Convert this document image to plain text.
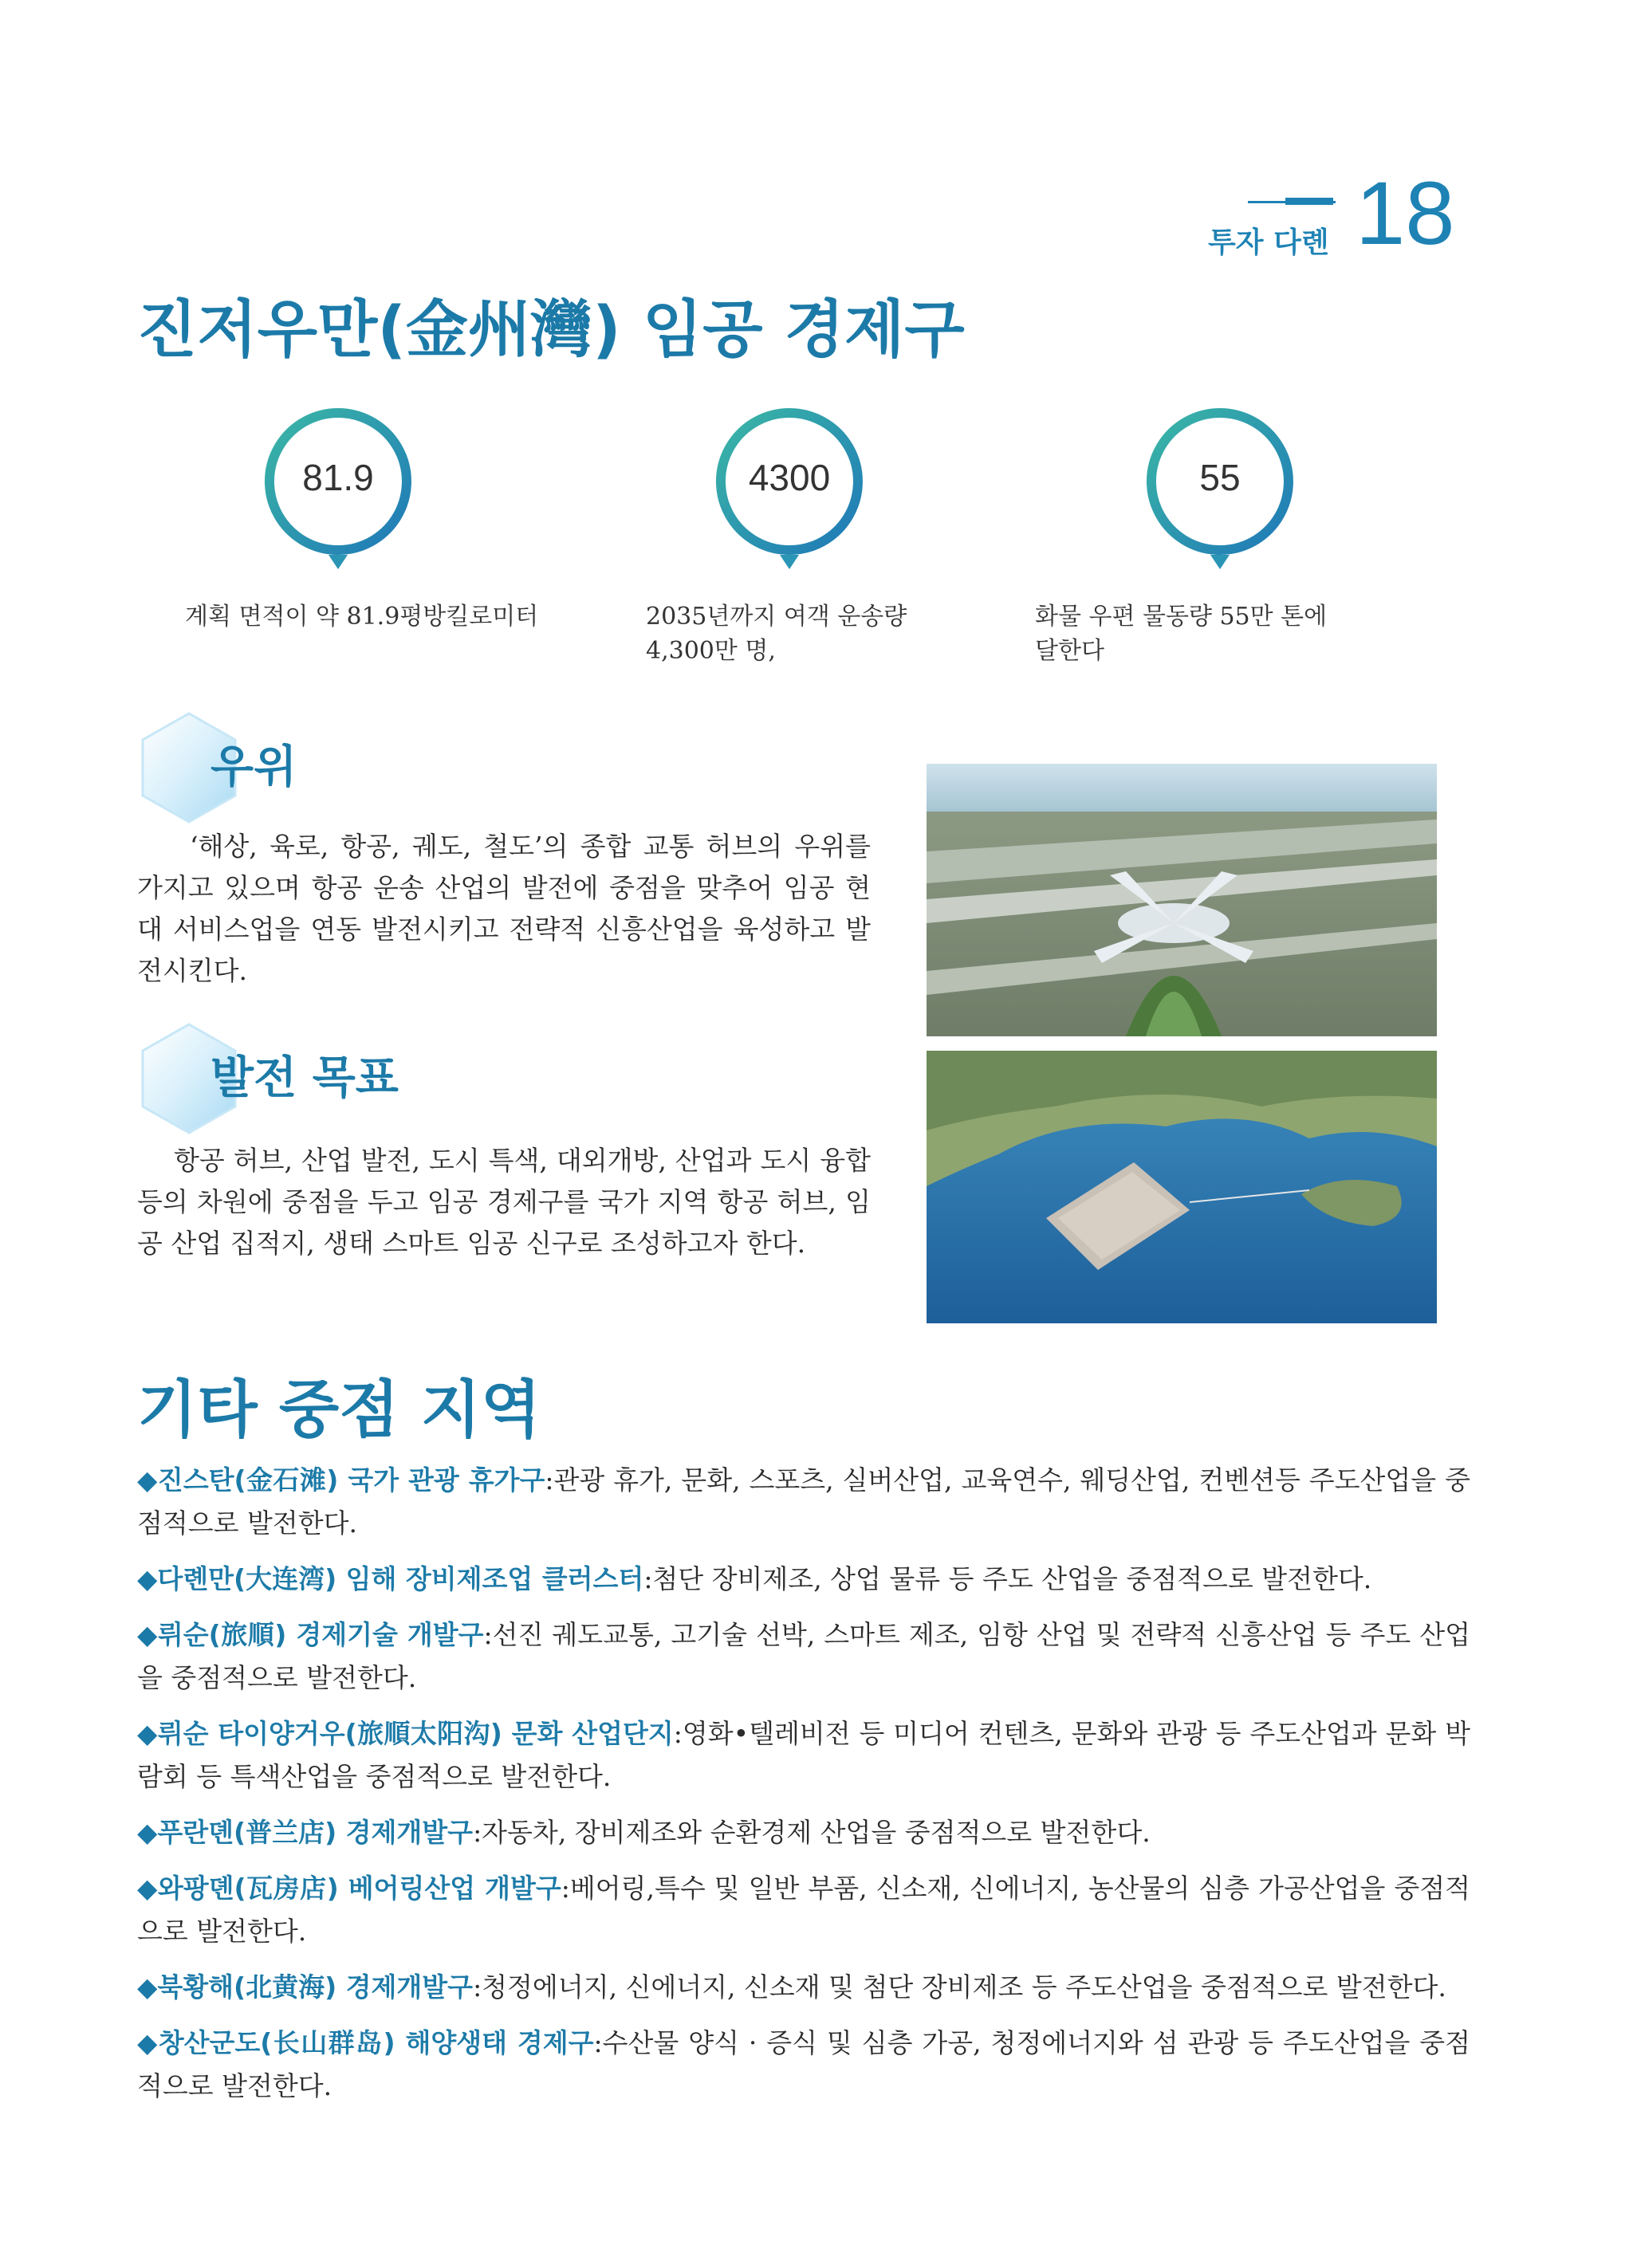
투자 다롄 18
진저우만(金州灣) 임공 경제구
81.9	4300	55
계획 면적이 약 81.9평방킬로미터	2035년까지 여객 운송량
4,300만 명,
화물 우편 물동량 55만 톤에
달한다
우위
‘해상, 육로, 항공, 궤도, 철도’의 종합 교통 허브의 우위를 가지고 있으며 항공 운송 산업의 발전에 중점을 맞추어 임공 현대 서비스업을 연동 발전시키고 전략적 신흥산업을 육성하고 발전시킨다.
발전 목표
항공 허브, 산업 발전, 도시 특색, 대외개방, 산업과 도시 융합 등의 차원에 중점을 두고 임공 경제구를 국가 지역 항공 허브, 임공 산업 집적지, 생태 스마트 임공 신구로 조성하고자 한다.
기타 중점 지역
◆진스탄(金石滩) 국가 관광 휴가구:관광 휴가, 문화, 스포츠, 실버산업, 교육연수, 웨딩산업, 컨벤션등 주도산업을 중점적으로 발전한다.
◆다롄만(大连湾) 임해 장비제조업 클러스터:첨단 장비제조, 상업 물류 등 주도 산업을 중점적으로 발전한다.
◆뤼순(旅順) 경제기술 개발구:선진 궤도교통, 고기술 선박, 스마트 제조, 임항 산업 및 전략적 신흥산업 등 주도 산업을 중점적으로 발전한다.
◆뤼순 타이양거우(旅順太阳沟) 문화 산업단지:영화•텔레비전 등 미디어 컨텐츠, 문화와 관광 등 주도산업과 문화 박람회 등 특색산업을 중점적으로 발전한다.
◆푸란뎬(普兰店) 경제개발구:자동차, 장비제조와 순환경제 산업을 중점적으로 발전한다.
◆와팡뎬(瓦房店) 베어링산업 개발구:베어링,특수 및 일반 부품, 신소재, 신에너지, 농산물의 심층 가공산업을 중점적으로 발전한다.
◆북황해(北黄海) 경제개발구:청정에너지, 신에너지, 신소재 및 첨단 장비제조 등 주도산업을 중점적으로 발전한다.
◆창산군도(长山群岛) 해양생태 경제구:수산물 양식 · 증식 및 심층 가공, 청정에너지와 섬 관광 등 주도산업을 중점적으로 발전한다.
